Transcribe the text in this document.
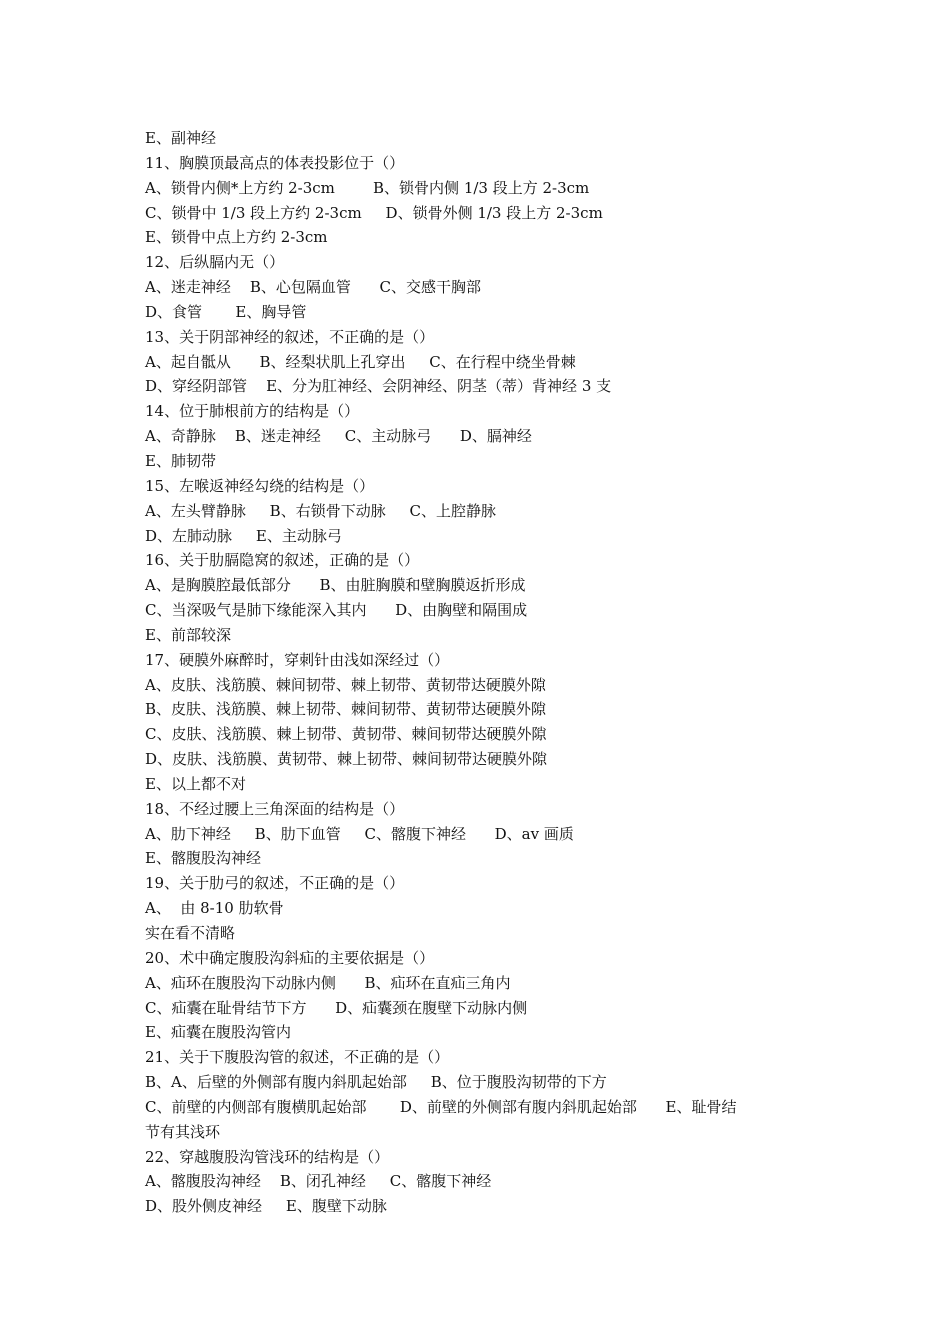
E、副神经
11、胸膜顶最高点的体表投影位于（）
A、锁骨内侧*上方约 2-3cm        B、锁骨内侧 1/3 段上方 2-3cm
C、锁骨中 1/3 段上方约 2-3cm     D、锁骨外侧 1/3 段上方 2-3cm
E、锁骨中点上方约 2-3cm
12、后纵膈内无（）
A、迷走神经    B、心包隔血管      C、交感干胸部
D、食管       E、胸导管
13、关于阴部神经的叙述，不正确的是（）
A、起自骶从      B、经梨状肌上孔穿出     C、在行程中绕坐骨棘
D、穿经阴部管    E、分为肛神经、会阴神经、阴茎（蒂）背神经 3 支
14、位于肺根前方的结构是（）
A、奇静脉    B、迷走神经     C、主动脉弓      D、膈神经
E、肺韧带
15、左喉返神经勾绕的结构是（）
A、左头臂静脉     B、右锁骨下动脉     C、上腔静脉
D、左肺动脉     E、主动脉弓
16、关于肋膈隐窝的叙述，正确的是（）
A、是胸膜腔最低部分      B、由脏胸膜和壁胸膜返折形成
C、当深吸气是肺下缘能深入其内      D、由胸壁和隔围成
E、前部较深
17、硬膜外麻醉时，穿刺针由浅如深经过（）
A、皮肤、浅筋膜、棘间韧带、棘上韧带、黄韧带达硬膜外隙
B、皮肤、浅筋膜、棘上韧带、棘间韧带、黄韧带达硬膜外隙
C、皮肤、浅筋膜、棘上韧带、黄韧带、棘间韧带达硬膜外隙
D、皮肤、浅筋膜、黄韧带、棘上韧带、棘间韧带达硬膜外隙
E、以上都不对
18、不经过腰上三角深面的结构是（）
A、肋下神经     B、肋下血管     C、髂腹下神经      D、av 画质
E、髂腹股沟神经
19、关于肋弓的叙述，不正确的是（）
A、  由 8-10 肋软骨
实在看不清略
20、术中确定腹股沟斜疝的主要依据是（）
A、疝环在腹股沟下动脉内侧      B、疝环在直疝三角内
C、疝囊在耻骨结节下方      D、疝囊颈在腹壁下动脉内侧
E、疝囊在腹股沟管内
21、关于下腹股沟管的叙述，不正确的是（）
B、A、后壁的外侧部有腹内斜肌起始部     B、位于腹股沟韧带的下方
C、前壁的内侧部有腹横肌起始部       D、前壁的外侧部有腹内斜肌起始部      E、耻骨结
节有其浅环
22、穿越腹股沟管浅环的结构是（）
A、髂腹股沟神经    B、闭孔神经     C、髂腹下神经
D、股外侧皮神经     E、腹壁下动脉
